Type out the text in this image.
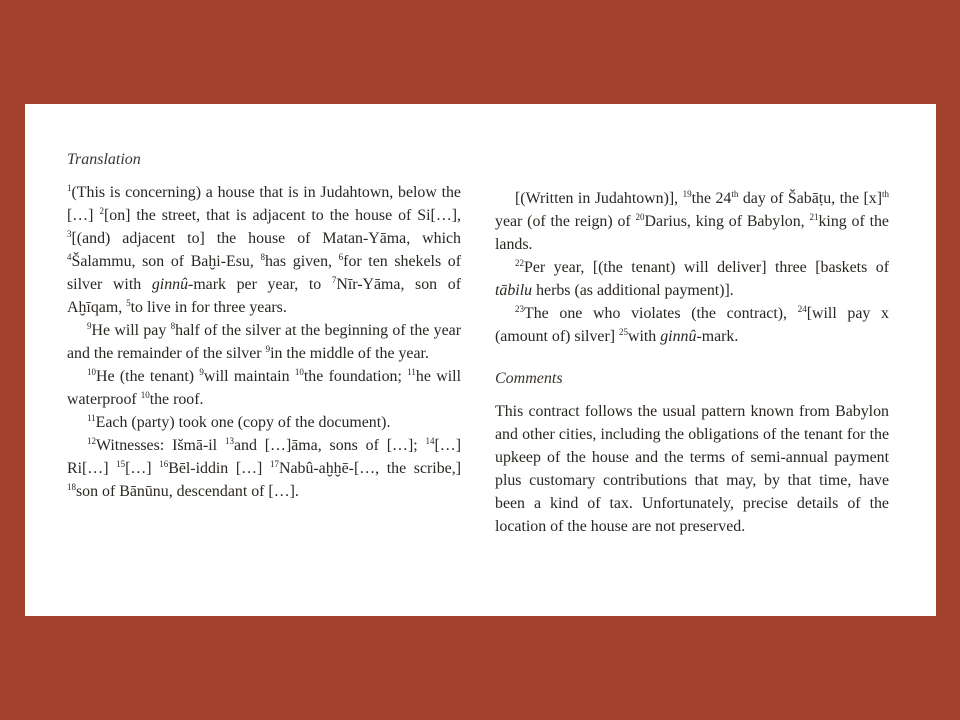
Translation

$^1$(This is concerning) a house that is in Judahtown, below the […] $^2$[on] the street, that is adjacent to the house of Si[…], $^3$[(and) adjacent to] the house of Matan-Yāma, which $^4$Šalammu, son of Baḫi-Esu, $^8$has given, $^6$for ten shekels of silver with ginnû-mark per year, to $^7$Nīr-Yāma, son of Aḫīqam, $^5$to live in for three years.

$^9$He will pay $^8$half of the silver at the beginning of the year and the remainder of the silver $^9$in the middle of the year.

$^{10}$He (the tenant) $^9$will maintain $^{10}$the foundation; $^{11}$he will waterproof $^{10}$the roof.

$^{11}$Each (party) took one (copy of the document).

$^{12}$Witnesses: Išmā-il $^{13}$and […]āma, sons of […]; $^{14}$[…] Ri[…] $^{15}$[…] $^{16}$Bēl-iddin […] $^{17}$Nabû-aḫḫē-[…, the scribe,] $^{18}$son of Bānūnu, descendant of […].

[(Written in Judahtown)], $^{19}$the 24th day of Šabāṭu, the $[x]^{th}$ year (of the reign) of $^{20}$Darius, king of Babylon, $^{21}$king of the lands.

$^{22}$Per year, [(the tenant) will deliver] three [baskets of tābilu herbs (as additional payment)].

$^{23}$The one who violates (the contract), $^{24}$[will pay x (amount of) silver] $^{25}$with ginnû-mark.

Comments

This contract follows the usual pattern known from Babylon and other cities, including the obligations of the tenant for the upkeep of the house and the terms of semi-annual payment plus customary contributions that may, by that time, have been a kind of tax. Unfortunately, precise details of the location of the house are not preserved.
